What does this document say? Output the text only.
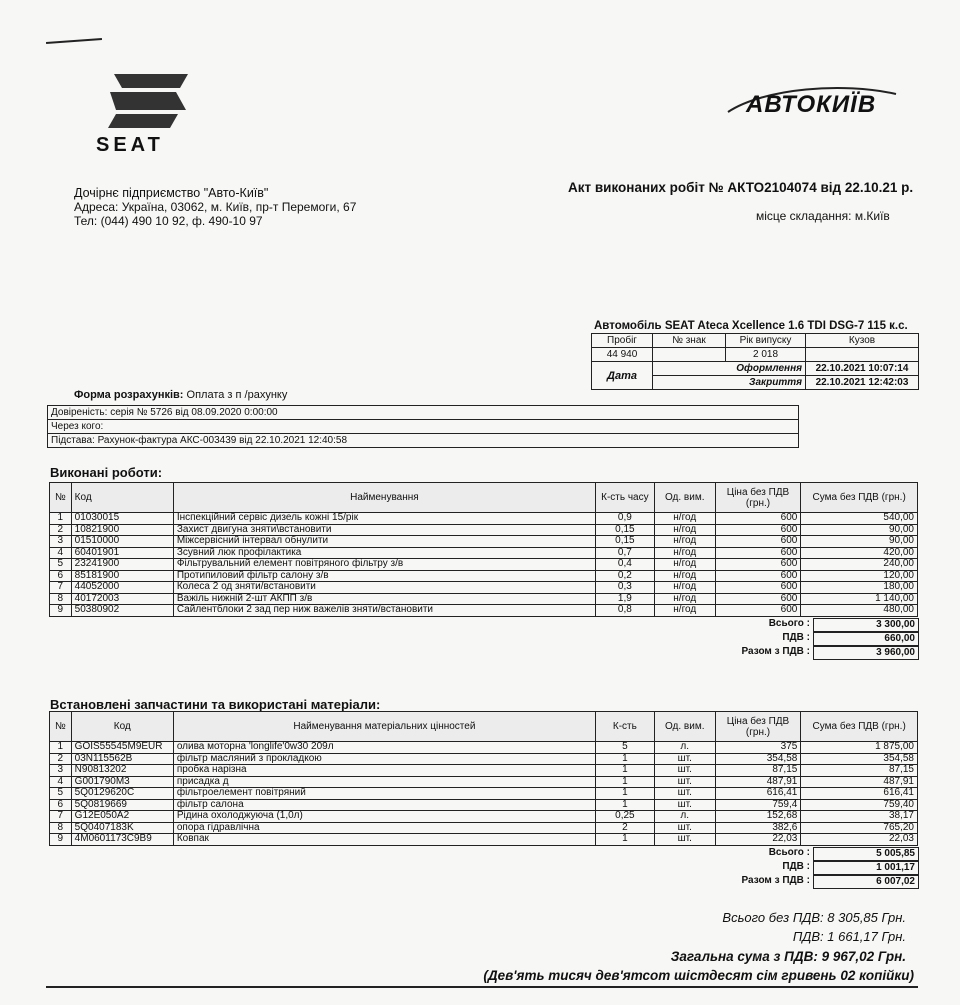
SEAT
АВТОКИЇВ
Дочірнє підприємство "Авто-Київ"
Адреса: Україна, 03062, м. Київ, пр-т Перемоги, 67
Тел: (044) 490 10 92, ф. 490-10 97
Акт виконаних робіт № АКТО2104074 від 22.10.21 р.
місце складання: м.Київ
Автомобіль SEAT Ateca Xcellence 1.6 TDI DSG-7 115 к.с.
Пробіг	№ знак	Рік випуску	Кузов
44 940		2 018	
Дата	Оформлення		22.10.2021 10:07:14
	Закриття		22.10.2021 12:42:03
Форма розрахунків: Оплата з п /рахунку
Довіреність: серія № 5726 від 08.09.2020 0:00:00
Через кого:
Підстава: Рахунок-фактура АКС-003439 від 22.10.2021 12:40:58
Виконані роботи:
№	Код	Найменування	К-сть часу	Од. вим.	Ціна без ПДВ (грн.)	Сума без ПДВ (грн.)
1	01030015	Інспекційний сервіс дизель кожні 15/рік	0,9	н/год	600	540,00
2	10821900	Захист двигуна зняти\встановити	0,15	н/год	600	90,00
3	01510000	Міжсервісний інтервал обнулити	0,15	н/год	600	90,00
4	60401901	Зсувний люк профілактика	0,7	н/год	600	420,00
5	23241900	Фільтрувальний елемент повітряного фільтру з/в	0,4	н/год	600	240,00
6	85181900	Протипиловий фільтр салону з/в	0,2	н/год	600	120,00
7	44052000	Колеса 2 од зняти/встановити	0,3	н/год	600	180,00
8	40172003	Важіль нижній 2-шт АКПП з/в	1,9	н/год	600	1 140,00
9	50380902	Сайлентблоки 2 зад пер ниж важелів зняти/встановити	0,8	н/год	600	480,00
Всього :	3 300,00
ПДВ :	660,00
Разом з ПДВ :	3 960,00
Встановлені запчастини та використані матеріали:
№	Код	Найменування матеріальних цінностей	К-сть	Од. вим.	Ціна без ПДВ (грн.)	Сума без ПДВ (грн.)
1	GOIS55545M9EUR	олива моторна 'longlife'0w30 209л	5	л.	375	1 875,00
2	03N115562B	фільтр масляний з прокладкою	1	шт.	354,58	354,58
3	N90813202	пробка нарізна	1	шт.	87,15	87,15
4	G001790M3	присадка д	1	шт.	487,91	487,91
5	5Q0129620C	фільтроелемент повітряний	1	шт.	616,41	616,41
6	5Q0819669	фільтр салона	1	шт.	759,4	759,40
7	G12E050A2	Рідина охолоджуюча (1,0л)	0,25	л.	152,68	38,17
8	5Q0407183K	опора гідравлічна	2	шт.	382,6	765,20
9	4M0601173C9B9	Ковпак	1	шт.	22,03	22,03
Всього :	5 005,85
ПДВ :	1 001,17
Разом з ПДВ :	6 007,02
Всього без ПДВ: 8 305,85 Грн.
ПДВ: 1 661,17 Грн.
Загальна сума з ПДВ: 9 967,02 Грн.
(Дев'ять тисяч дев'ятсот шістдесят сім гривень 02 копійки)
